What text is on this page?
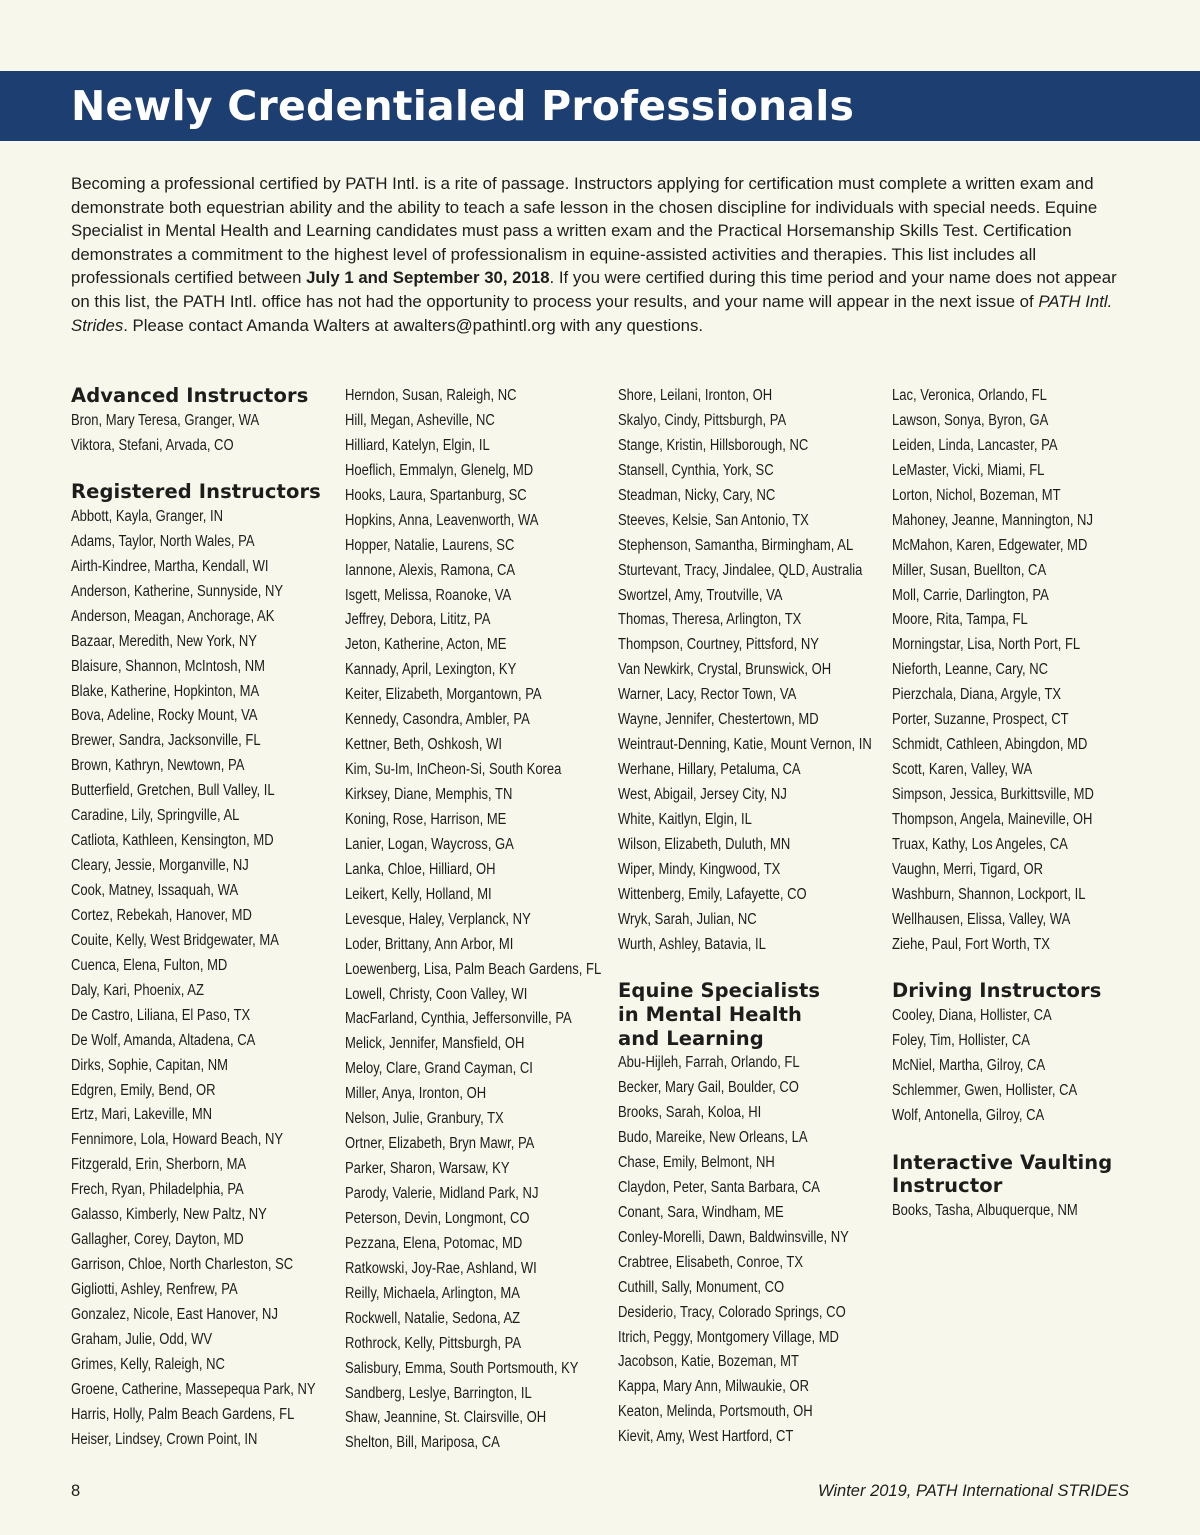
Newly Credentialed Professionals

Becoming a professional certified by PATH Intl. is a rite of passage. Instructors applying for certification must complete a written exam and demonstrate both equestrian ability and the ability to teach a safe lesson in the chosen discipline for individuals with special needs. Equine Specialist in Mental Health and Learning candidates must pass a written exam and the Practical Horsemanship Skills Test. Certification demonstrates a commitment to the highest level of professionalism in equine-assisted activities and therapies. This list includes all professionals certified between July 1 and September 30, 2018. If you were certified during this time period and your name does not appear on this list, the PATH Intl. office has not had the opportunity to process your results, and your name will appear in the next issue of PATH Intl. Strides. Please contact Amanda Walters at awalters@pathintl.org with any questions.

Advanced Instructors
Bron, Mary Teresa, Granger, WA
Viktora, Stefani, Arvada, CO
Registered Instructors
Abbott, Kayla, Granger, IN
Adams, Taylor, North Wales, PA
Airth-Kindree, Martha, Kendall, WI
Anderson, Katherine, Sunnyside, NY
Anderson, Meagan, Anchorage, AK
Bazaar, Meredith, New York, NY
Blaisure, Shannon, McIntosh, NM
Blake, Katherine, Hopkinton, MA
Bova, Adeline, Rocky Mount, VA
Brewer, Sandra, Jacksonville, FL
Brown, Kathryn, Newtown, PA
Butterfield, Gretchen, Bull Valley, IL
Caradine, Lily, Springville, AL
Catliota, Kathleen, Kensington, MD
Cleary, Jessie, Morganville, NJ
Cook, Matney, Issaquah, WA
Cortez, Rebekah, Hanover, MD
Couite, Kelly, West Bridgewater, MA
Cuenca, Elena, Fulton, MD
Daly, Kari, Phoenix, AZ
De Castro, Liliana, El Paso, TX
De Wolf, Amanda, Altadena, CA
Dirks, Sophie, Capitan, NM
Edgren, Emily, Bend, OR
Ertz, Mari, Lakeville, MN
Fennimore, Lola, Howard Beach, NY
Fitzgerald, Erin, Sherborn, MA
Frech, Ryan, Philadelphia, PA
Galasso, Kimberly, New Paltz, NY
Gallagher, Corey, Dayton, MD
Garrison, Chloe, North Charleston, SC
Gigliotti, Ashley, Renfrew, PA
Gonzalez, Nicole, East Hanover, NJ
Graham, Julie, Odd, WV
Grimes, Kelly, Raleigh, NC
Groene, Catherine, Massepequa Park, NY
Harris, Holly, Palm Beach Gardens, FL
Heiser, Lindsey, Crown Point, IN
Herndon, Susan, Raleigh, NC
Hill, Megan, Asheville, NC
Hilliard, Katelyn, Elgin, IL
Hoeflich, Emmalyn, Glenelg, MD
Hooks, Laura, Spartanburg, SC
Hopkins, Anna, Leavenworth, WA
Hopper, Natalie, Laurens, SC
Iannone, Alexis, Ramona, CA
Isgett, Melissa, Roanoke, VA
Jeffrey, Debora, Lititz, PA
Jeton, Katherine, Acton, ME
Kannady, April, Lexington, KY
Keiter, Elizabeth, Morgantown, PA
Kennedy, Casondra, Ambler, PA
Kettner, Beth, Oshkosh, WI
Kim, Su-Im, InCheon-Si, South Korea
Kirksey, Diane, Memphis, TN
Koning, Rose, Harrison, ME
Lanier, Logan, Waycross, GA
Lanka, Chloe, Hilliard, OH
Leikert, Kelly, Holland, MI
Levesque, Haley, Verplanck, NY
Loder, Brittany, Ann Arbor, MI
Loewenberg, Lisa, Palm Beach Gardens, FL
Lowell, Christy, Coon Valley, WI
MacFarland, Cynthia, Jeffersonville, PA
Melick, Jennifer, Mansfield, OH
Meloy, Clare, Grand Cayman, CI
Miller, Anya, Ironton, OH
Nelson, Julie, Granbury, TX
Ortner, Elizabeth, Bryn Mawr, PA
Parker, Sharon, Warsaw, KY
Parody, Valerie, Midland Park, NJ
Peterson, Devin, Longmont, CO
Pezzana, Elena, Potomac, MD
Ratkowski, Joy-Rae, Ashland, WI
Reilly, Michaela, Arlington, MA
Rockwell, Natalie, Sedona, AZ
Rothrock, Kelly, Pittsburgh, PA
Salisbury, Emma, South Portsmouth, KY
Sandberg, Leslye, Barrington, IL
Shaw, Jeannine, St. Clairsville, OH
Shelton, Bill, Mariposa, CA
Shore, Leilani, Ironton, OH
Skalyo, Cindy, Pittsburgh, PA
Stange, Kristin, Hillsborough, NC
Stansell, Cynthia, York, SC
Steadman, Nicky, Cary, NC
Steeves, Kelsie, San Antonio, TX
Stephenson, Samantha, Birmingham, AL
Sturtevant, Tracy, Jindalee, QLD, Australia
Swortzel, Amy, Troutville, VA
Thomas, Theresa, Arlington, TX
Thompson, Courtney, Pittsford, NY
Van Newkirk, Crystal, Brunswick, OH
Warner, Lacy, Rector Town, VA
Wayne, Jennifer, Chestertown, MD
Weintraut-Denning, Katie, Mount Vernon, IN
Werhane, Hillary, Petaluma, CA
West, Abigail, Jersey City, NJ
White, Kaitlyn, Elgin, IL
Wilson, Elizabeth, Duluth, MN
Wiper, Mindy, Kingwood, TX
Wittenberg, Emily, Lafayette, CO
Wryk, Sarah, Julian, NC
Wurth, Ashley, Batavia, IL
Equine Specialists
in Mental Health
and Learning
Abu-Hijleh, Farrah, Orlando, FL
Becker, Mary Gail, Boulder, CO
Brooks, Sarah, Koloa, HI
Budo, Mareike, New Orleans, LA
Chase, Emily, Belmont, NH
Claydon, Peter, Santa Barbara, CA
Conant, Sara, Windham, ME
Conley-Morelli, Dawn, Baldwinsville, NY
Crabtree, Elisabeth, Conroe, TX
Cuthill, Sally, Monument, CO
Desiderio, Tracy, Colorado Springs, CO
Itrich, Peggy, Montgomery Village, MD
Jacobson, Katie, Bozeman, MT
Kappa, Mary Ann, Milwaukie, OR
Keaton, Melinda, Portsmouth, OH
Kievit, Amy, West Hartford, CT
Lac, Veronica, Orlando, FL
Lawson, Sonya, Byron, GA
Leiden, Linda, Lancaster, PA
LeMaster, Vicki, Miami, FL
Lorton, Nichol, Bozeman, MT
Mahoney, Jeanne, Mannington, NJ
McMahon, Karen, Edgewater, MD
Miller, Susan, Buellton, CA
Moll, Carrie, Darlington, PA
Moore, Rita, Tampa, FL
Morningstar, Lisa, North Port, FL
Nieforth, Leanne, Cary, NC
Pierzchala, Diana, Argyle, TX
Porter, Suzanne, Prospect, CT
Schmidt, Cathleen, Abingdon, MD
Scott, Karen, Valley, WA
Simpson, Jessica, Burkittsville, MD
Thompson, Angela, Maineville, OH
Truax, Kathy, Los Angeles, CA
Vaughn, Merri, Tigard, OR
Washburn, Shannon, Lockport, IL
Wellhausen, Elissa, Valley, WA
Ziehe, Paul, Fort Worth, TX
Driving Instructors
Cooley, Diana, Hollister, CA
Foley, Tim, Hollister, CA
McNiel, Martha, Gilroy, CA
Schlemmer, Gwen, Hollister, CA
Wolf, Antonella, Gilroy, CA
Interactive Vaulting
Instructor
Books, Tasha, Albuquerque, NM
8	Winter 2019, PATH International STRIDES
